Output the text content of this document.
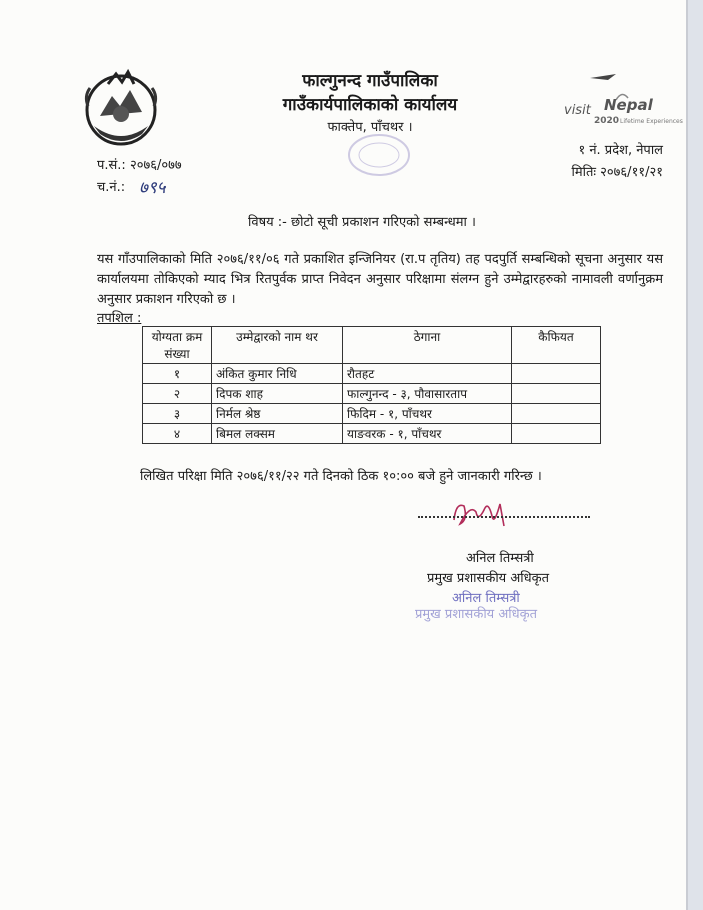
visit Nepal
2020 Lifetime Experiences
फाल्गुनन्द गाउँपालिका
गाउँकार्यपालिकाको कार्यालय
फाक्तेप, पाँचथर ।
प.सं.: २०७६/०७७
च.नं.: ७९५
१ नं. प्रदेश, नेपाल
मितिः २०७६/११/२१
विषय :- छोटो सूची प्रकाशन गरिएको सम्बन्धमा ।
यस गाँउपालिकाको मिति २०७६/११/०६ गते प्रकाशित इन्जिनियर (रा.प तृतिय) तह पदपुर्ति सम्बन्धिको सूचना अनुसार यस कार्यालयमा तोकिएको म्याद भित्र रितपुर्वक प्राप्त निवेदन अनुसार परिक्षामा संलग्न हुने उम्मेद्वारहरुको नामावली वर्णानुक्रम अनुसार प्रकाशन गरिएको छ ।
तपशिल :
योग्यता क्रम संख्या	उम्मेद्वारको नाम थर	ठेगाना	कैफियत
१	अंकित कुमार निधि	रौतहट	
२	दिपक शाह	फाल्गुनन्द - ३, पौवासारताप	
३	निर्मल श्रेष्ठ	फिदिम - १, पाँचथर	
४	बिमल लक्सम	याङवरक - १, पाँचथर	
लिखित परिक्षा मिति २०७६/११/२२ गते दिनको ठिक १०:०० बजे हुने जानकारी गरिन्छ ।
अनिल तिम्सत्री
प्रमुख प्रशासकीय अधिकृत
अनिल तिम्सत्री
प्रमुख प्रशासकीय अधिकृत
